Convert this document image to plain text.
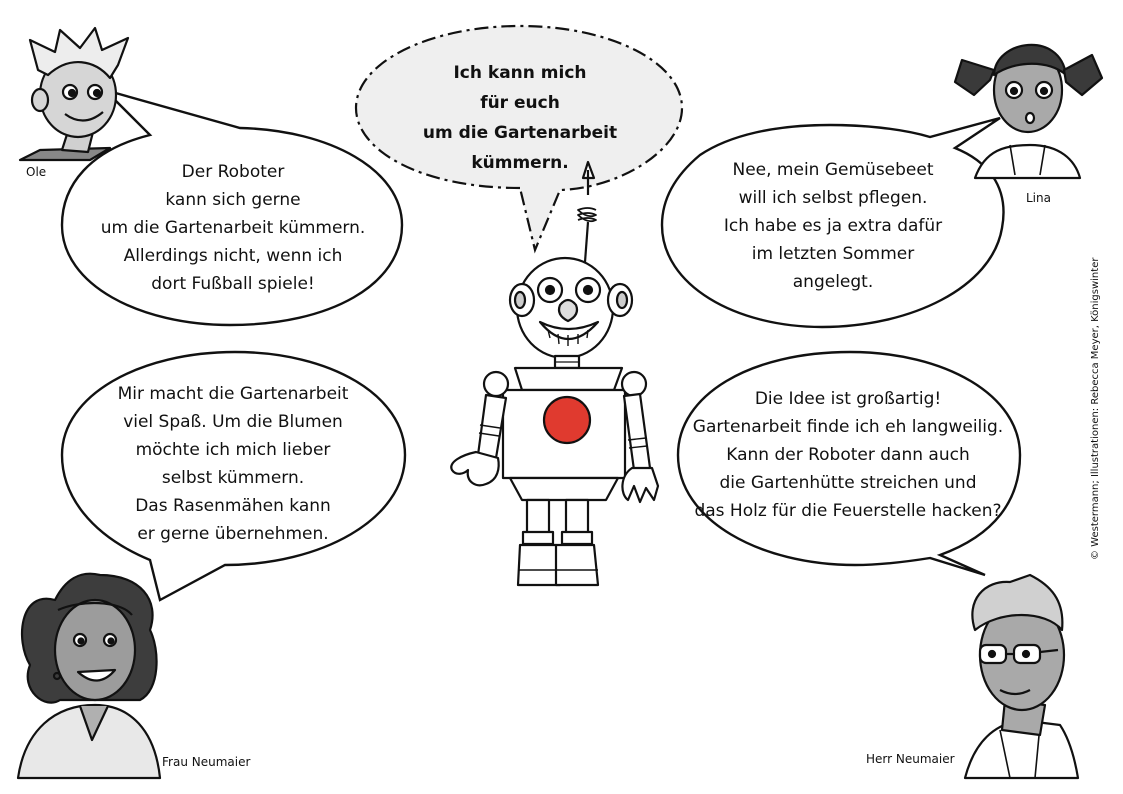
Ich kann mich
für euch
um die Gartenarbeit
kümmern.
Der Roboter
kann sich gerne
um die Gartenarbeit kümmern.
Allerdings nicht, wenn ich
dort Fußball spiele!
Nee, mein Gemüsebeet
will ich selbst pflegen.
Ich habe es ja extra dafür
im letzten Sommer
angelegt.
Mir macht die Gartenarbeit
viel Spaß. Um die Blumen
möchte ich mich lieber
selbst kümmern.
Das Rasenmähen kann
er gerne übernehmen.
Die Idee ist großartig!
Gartenarbeit finde ich eh langweilig.
Kann der Roboter dann auch
die Gartenhütte streichen und
das Holz für die Feuerstelle hacken?
Ole
Lina
Frau Neumaier	Herr Neumaier
© Westermann; Illustrationen: Rebecca Meyer, Königswinter
